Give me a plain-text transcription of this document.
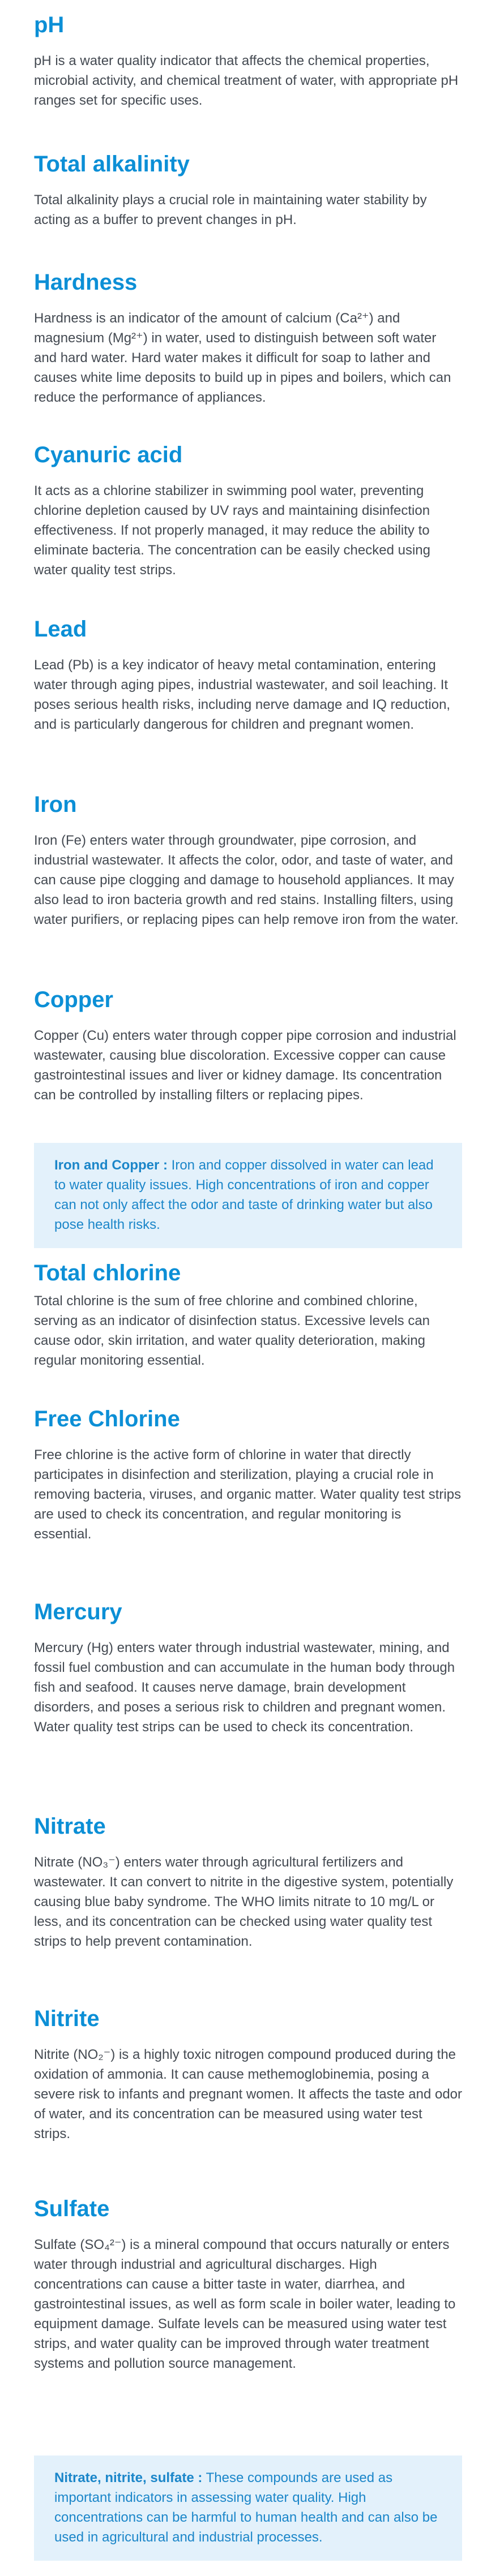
pH

pH is a water quality indicator that affects the chemical properties, microbial activity, and chemical treatment of water, with appropriate pH ranges set for specific uses.

Total alkalinity

Total alkalinity plays a crucial role in maintaining water stability by acting as a buffer to prevent changes in pH.

Hardness

Hardness is an indicator of the amount of calcium (Ca²⁺) and magnesium (Mg²⁺) in water, used to distinguish between soft water and hard water. Hard water makes it difficult for soap to lather and causes white lime deposits to build up in pipes and boilers, which can reduce the performance of appliances.

Cyanuric acid

It acts as a chlorine stabilizer in swimming pool water, preventing chlorine depletion caused by UV rays and maintaining disinfection effectiveness. If not properly managed, it may reduce the ability to eliminate bacteria. The concentration can be easily checked using water quality test strips.

Lead

Lead (Pb) is a key indicator of heavy metal contamination, entering water through aging pipes, industrial wastewater, and soil leaching. It poses serious health risks, including nerve damage and IQ reduction, and is particularly dangerous for children and pregnant women.

Iron

Iron (Fe) enters water through groundwater, pipe corrosion, and industrial wastewater. It affects the color, odor, and taste of water, and can cause pipe clogging and damage to household appliances. It may also lead to iron bacteria growth and red stains. Installing filters, using water purifiers, or replacing pipes can help remove iron from the water.

Copper

Copper (Cu) enters water through copper pipe corrosion and industrial wastewater, causing blue discoloration. Excessive copper can cause gastrointestinal issues and liver or kidney damage. Its concentration can be controlled by installing filters or replacing pipes.

Iron and Copper : Iron and copper dissolved in water can lead to water quality issues. High concentrations of iron and copper can not only affect the odor and taste of drinking water but also pose health risks.
Total chlorine

Total chlorine is the sum of free chlorine and combined chlorine, serving as an indicator of disinfection status. Excessive levels can cause odor, skin irritation, and water quality deterioration, making regular monitoring essential.

Free Chlorine

Free chlorine is the active form of chlorine in water that directly participates in disinfection and sterilization, playing a crucial role in removing bacteria, viruses, and organic matter. Water quality test strips are used to check its concentration, and regular monitoring is essential.

Mercury

Mercury (Hg) enters water through industrial wastewater, mining, and fossil fuel combustion and can accumulate in the human body through fish and seafood. It causes nerve damage, brain development disorders, and poses a serious risk to children and pregnant women. Water quality test strips can be used to check its concentration.

Nitrate

Nitrate (NO₃⁻) enters water through agricultural fertilizers and wastewater. It can convert to nitrite in the digestive system, potentially causing blue baby syndrome. The WHO limits nitrate to 10 mg/L or less, and its concentration can be checked using water quality test strips to help prevent contamination.

Nitrite

Nitrite (NO₂⁻) is a highly toxic nitrogen compound produced during the oxidation of ammonia. It can cause methemoglobinemia, posing a severe risk to infants and pregnant women. It affects the taste and odor of water, and its concentration can be measured using water test strips.

Sulfate

Sulfate (SO₄²⁻) is a mineral compound that occurs naturally or enters water through industrial and agricultural discharges. High concentrations can cause a bitter taste in water, diarrhea, and gastrointestinal issues, as well as form scale in boiler water, leading to equipment damage. Sulfate levels can be measured using water test strips, and water quality can be improved through water treatment systems and pollution source management.

Nitrate, nitrite, sulfate : These compounds are used as important indicators in assessing water quality. High concentrations can be harmful to human health and can also be used in agricultural and industrial processes.
